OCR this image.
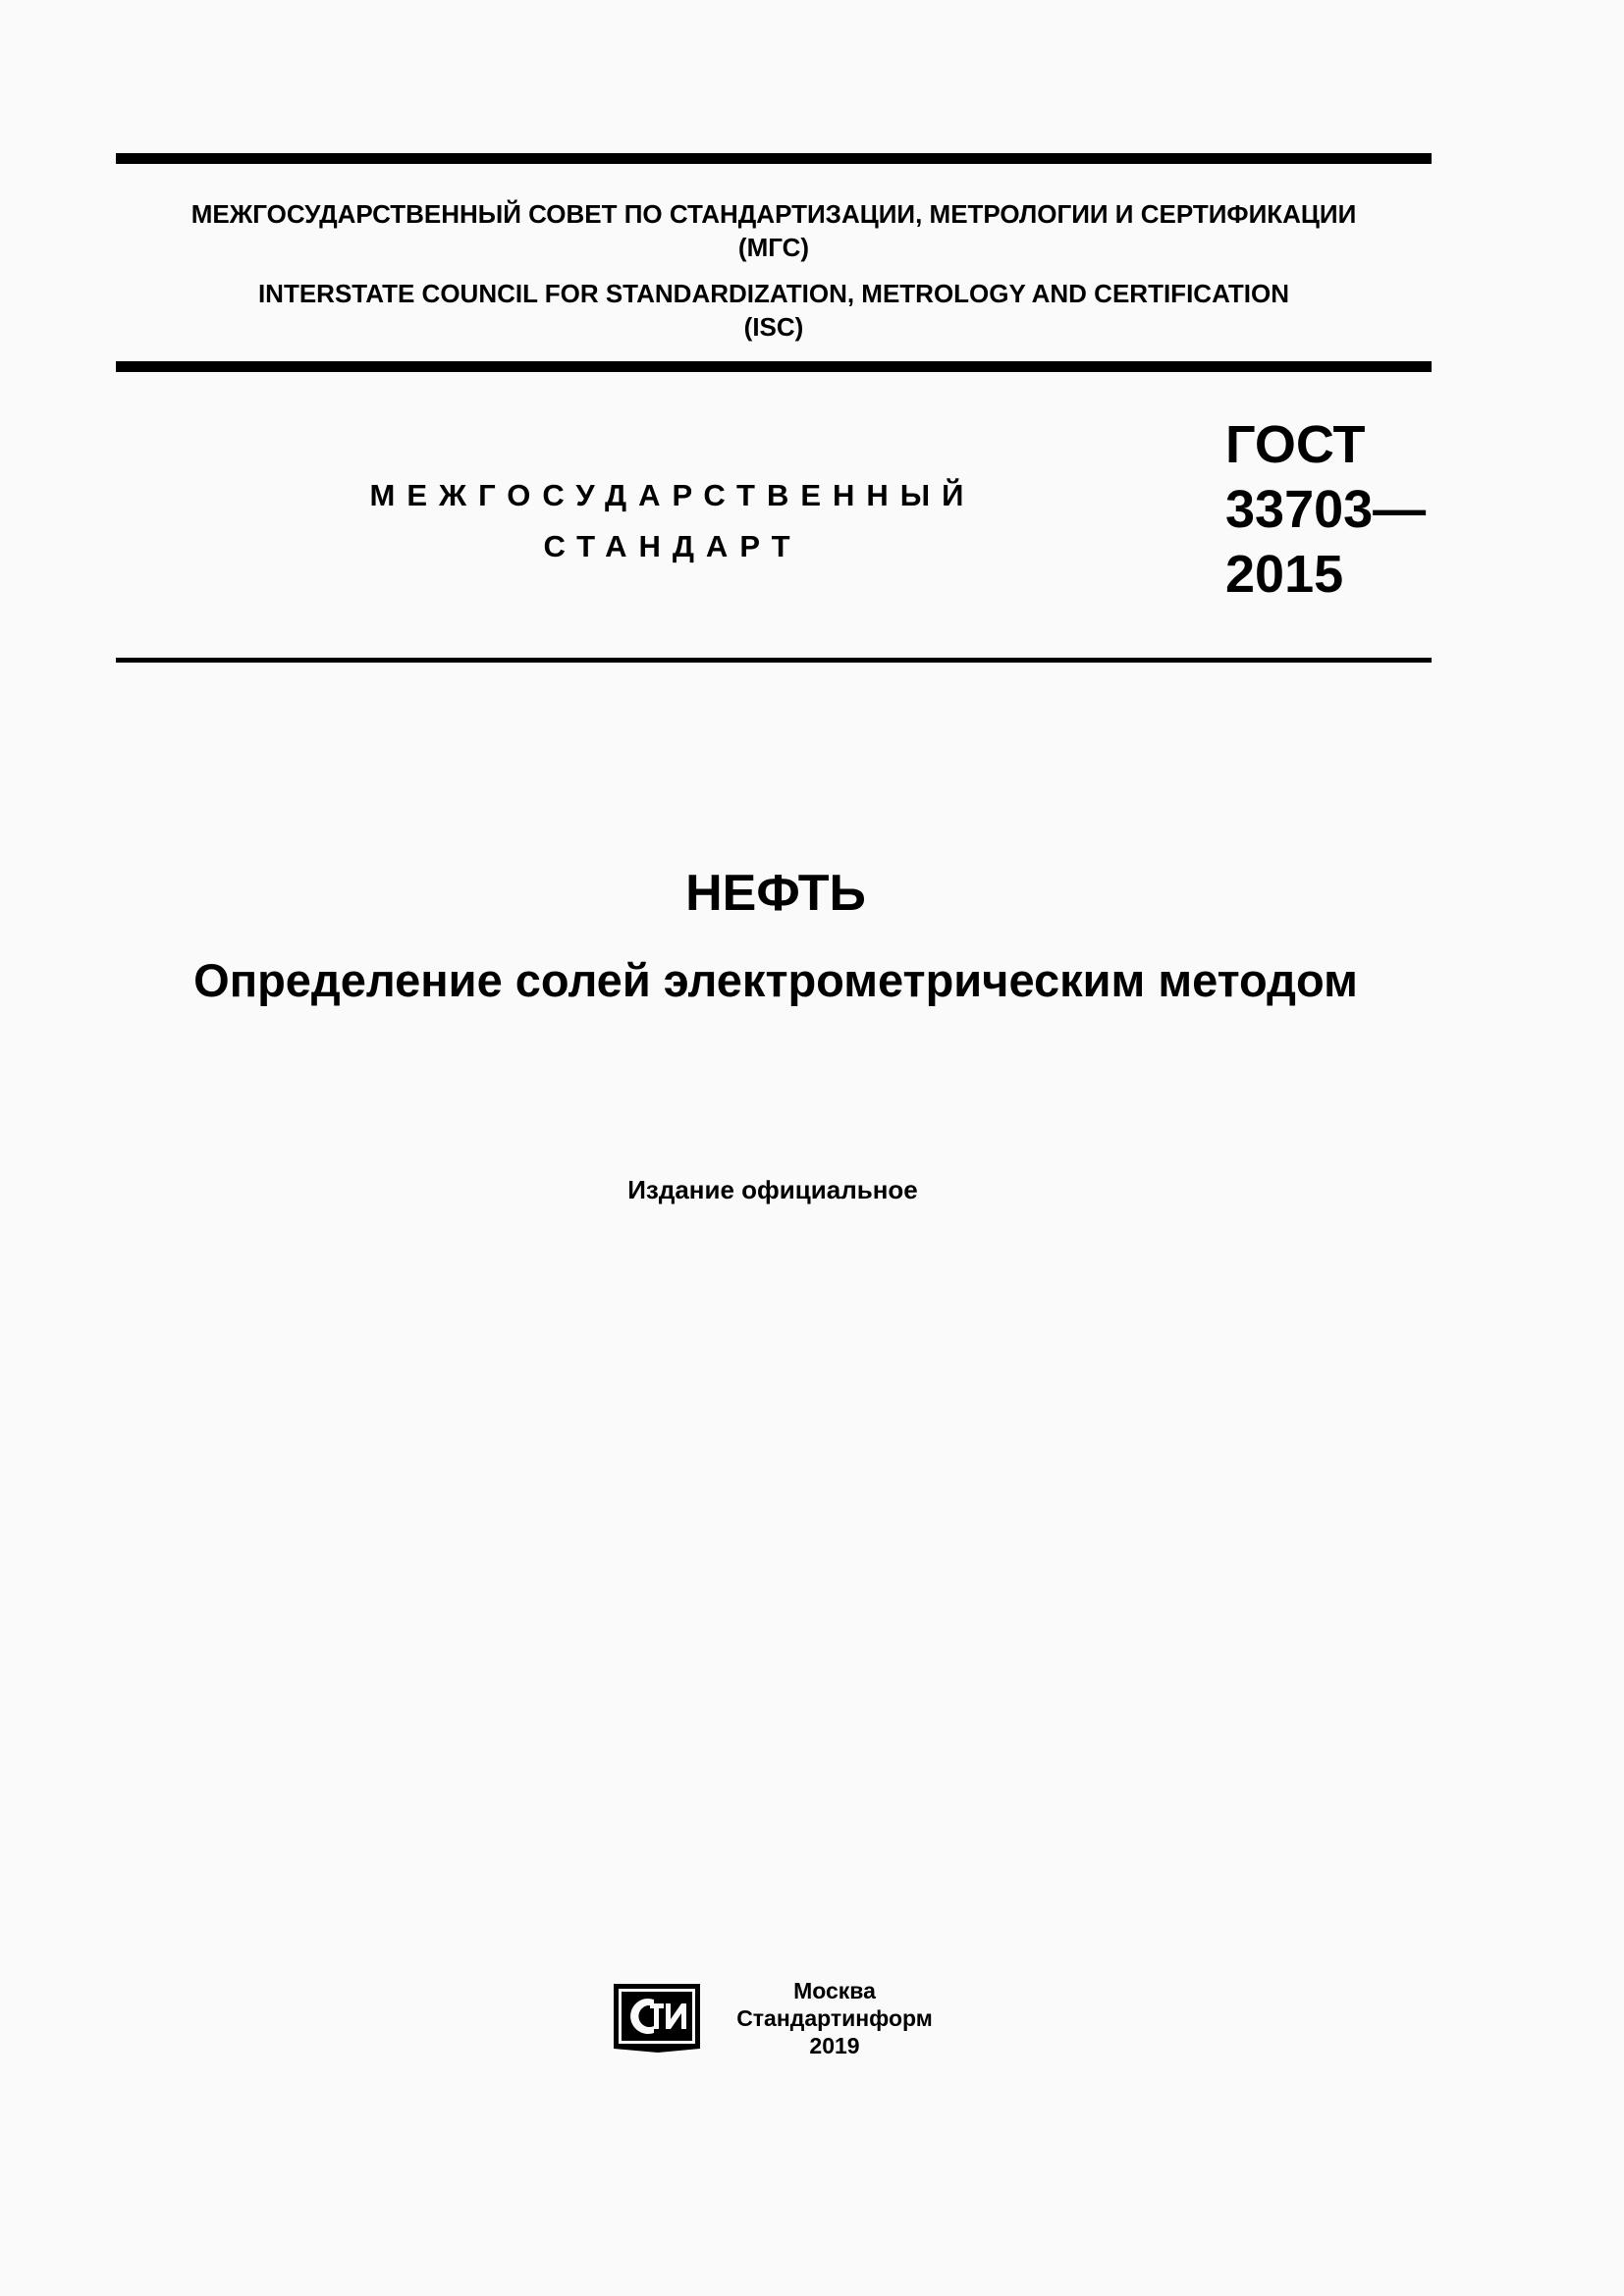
МЕЖГОСУДАРСТВЕННЫЙ СОВЕТ ПО СТАНДАРТИЗАЦИИ, МЕТРОЛОГИИ И СЕРТИФИКАЦИИ
(МГС)
INTERSTATE COUNCIL FOR STANDARDIZATION, METROLOGY AND CERTIFICATION
(ISC)
МЕЖГОСУДАРСТВЕННЫЙ
СТАНДАРТ
ГОСТ
33703—
2015
НЕФТЬ
Определение солей электрометрическим методом
Издание официальное
СТИ
Москва
Стандартинформ
2019
